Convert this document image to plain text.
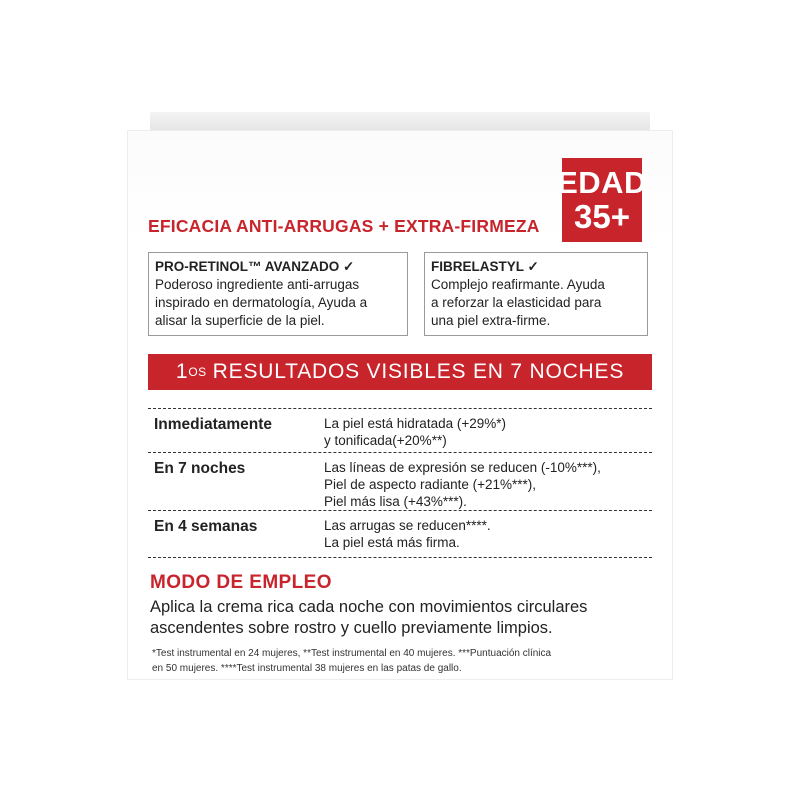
EDAD
35+
EFICACIA ANTI-ARRUGAS + EXTRA-FIRMEZA
PRO-RETINOL™ AVANZADO ✓
Poderoso ingrediente anti-arrugas
inspirado en dermatología, Ayuda a
alisar la superficie de la piel.
FIBRELASTYL ✓
Complejo reafirmante. Ayuda
a reforzar la elasticidad para
una piel extra-firme.
1 OS RESULTADOS VISIBLES EN 7 NOCHES
Inmediatamente	La piel está hidratada (+29%*)
y tonificada(+20%**)
En 7 noches	Las líneas de expresión se reducen (-10%***),
Piel de aspecto radiante (+21%***),
Piel más lisa (+43%***).
En 4 semanas	Las arrugas se reducen****.
La piel está más firma.
MODO DE EMPLEO
Aplica la crema rica cada noche con movimientos circulares
ascendentes sobre rostro y cuello previamente limpios.
*Test instrumental en 24 mujeres, **Test instrumental en 40 mujeres. ***Puntuación clínica
en 50 mujeres. ****Test instrumental 38 mujeres en las patas de gallo.
